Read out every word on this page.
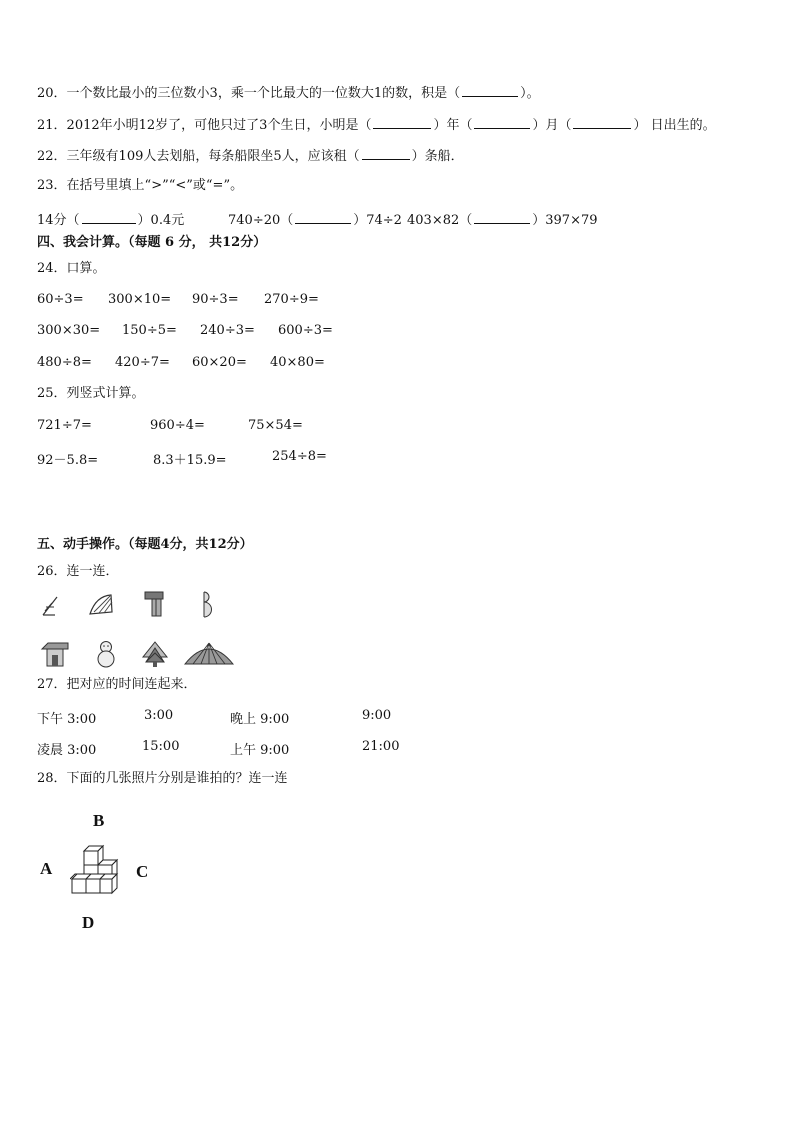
20．一个数比最小的三位数小3，乘一个比最大的一位数大1的数，积是（	）。
21．2012年小明12岁了，可他只过了3个生日，小明是（	）年（	）月（	） 日出生的。
22．三年级有109人去划船，每条船限坐5人，应该租（	）条船．
23．在括号里填上“>”“<”或“=”。
14分（	）0.4元	740÷20（	）74÷2 403×82（	）397×79
四、我会计算。（每题 6 分， 共12分）
24．口算。
60÷3= 300×10= 90÷3= 270÷9=
300×30= 150÷5= 240÷3= 600÷3=
480÷8= 420÷7= 60×20= 40×80=
25．列竖式计算。
721÷7=	960÷4=	75×54=
92－5.8=	8.3＋15.9=	254÷8=
五、动手操作。（每题4分，共12分）
26．连一连．
27．把对应的时间连起来．
下午 3:00	3:00	晚上 9:00	9:00
凌晨 3:00	15:00	上午 9:00	21:00
28．下面的几张照片分别是谁拍的？连一连
B
A	C
D
